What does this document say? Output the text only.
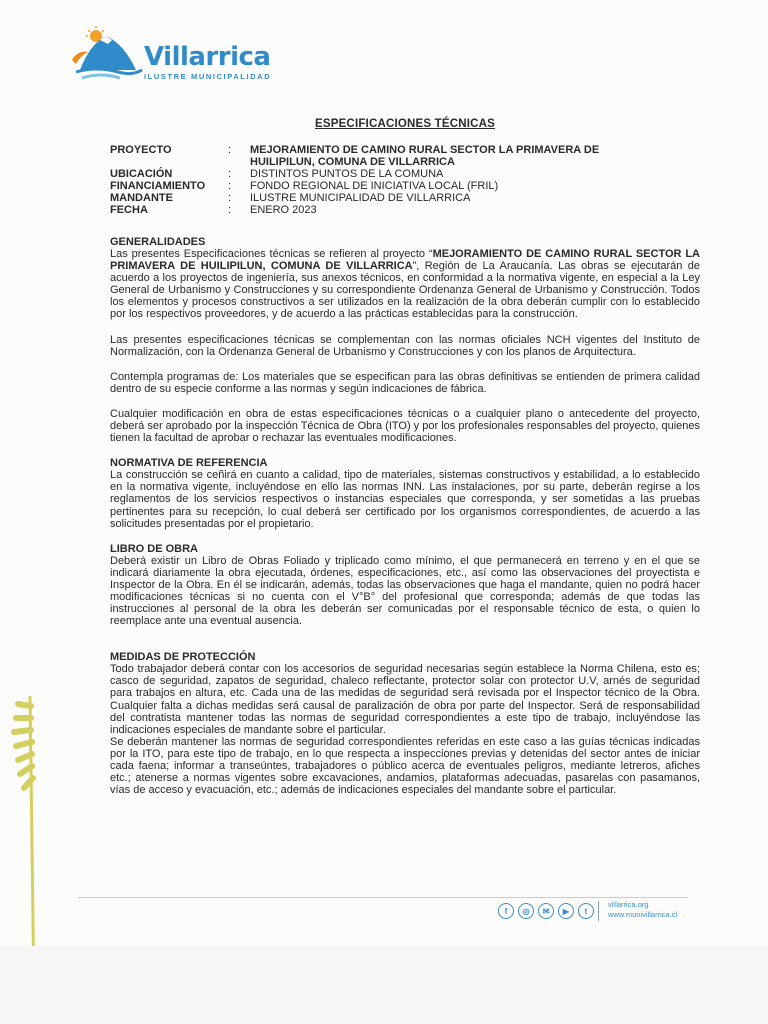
Villarrica
ILUSTRE MUNICIPALIDAD
ESPECIFICACIONES TÉCNICAS
PROYECTO	:	MEJORAMIENTO DE CAMINO RURAL SECTOR LA PRIMAVERA DE
HUILIPILUN, COMUNA DE VILLARRICA
UBICACIÓN	:	DISTINTOS PUNTOS DE LA COMUNA
FINANCIAMIENTO	:	FONDO REGIONAL DE INICIATIVA LOCAL (FRIL)
MANDANTE	:	ILUSTRE MUNICIPALIDAD DE VILLARRICA
FECHA	:	ENERO 2023
GENERALIDADES

Las presentes Especificaciones técnicas se refieren al proyecto “MEJORAMIENTO DE CAMINO RURAL SECTOR LA PRIMAVERA DE HUILIPILUN, COMUNA DE VILLARRICA”, Región de La Araucanía. Las obras se ejecutarán de acuerdo a los proyectos de ingeniería, sus anexos técnicos, en conformidad a la normativa vigente, en especial a la Ley General de Urbanismo y Construcciones y su correspondiente Ordenanza General de Urbanismo y Construcción. Todos los elementos y procesos constructivos a ser utilizados en la realización de la obra deberán cumplir con lo establecido por los respectivos proveedores, y de acuerdo a las prácticas establecidas para la construcción.

Las presentes especificaciones técnicas se complementan con las normas oficiales NCH vigentes del Instituto de Normalización, con la Ordenanza General de Urbanismo y Construcciones y con los planos de Arquitectura.

Contempla programas de: Los materiales que se especifican para las obras definitivas se entienden de primera calidad dentro de su especie conforme a las normas y según indicaciones de fábrica.

Cualquier modificación en obra de estas especificaciones técnicas o a cualquier plano o antecedente del proyecto, deberá ser aprobado por la inspección Técnica de Obra (ITO) y por los profesionales responsables del proyecto, quienes tienen la facultad de aprobar o rechazar las eventuales modificaciones.

NORMATIVA DE REFERENCIA

La construcción se ceñirá en cuanto a calidad, tipo de materiales, sistemas constructivos y estabilidad, a lo establecido en la normativa vigente, incluyéndose en ello las normas INN. Las instalaciones, por su parte, deberán regirse a los reglamentos de los servicios respectivos o instancias especiales que corresponda, y ser sometidas a las pruebas pertinentes para su recepción, lo cual deberá ser certificado por los organismos correspondientes, de acuerdo a las solicitudes presentadas por el propietario.

LIBRO DE OBRA

Deberá existir un Libro de Obras Foliado y triplicado como mínimo, el que permanecerá en terreno y en el que se indicará diariamente la obra ejecutada, órdenes, especificaciones, etc., así como las observaciones del proyectista e Inspector de la Obra. En él se indicarán, además, todas las observaciones que haga el mandante, quien no podrá hacer modificaciones técnicas si no cuenta con el V°B° del profesional que corresponda; además de que todas las instrucciones al personal de la obra les deberán ser comunicadas por el responsable técnico de esta, o quien lo reemplace ante una eventual ausencia.

MEDIDAS DE PROTECCIÓN

Todo trabajador deberá contar con los accesorios de seguridad necesarias según establece la Norma Chilena, esto es; casco de seguridad, zapatos de seguridad, chaleco reflectante, protector solar con protector U.V, arnés de seguridad para trabajos en altura, etc. Cada una de las medidas de seguridad será revisada por el Inspector técnico de la Obra. Cualquier falta a dichas medidas será causal de paralización de obra por parte del Inspector. Será de responsabilidad del contratista mantener todas las normas de seguridad correspondientes a este tipo de trabajo, incluyéndose las indicaciones especiales de mandante sobre el particular.

Se deberán mantener las normas de seguridad correspondientes referidas en este caso a las guías técnicas indicadas por la ITO, para este tipo de trabajo, en lo que respecta a inspecciones previas y detenidas del sector antes de iniciar cada faena; informar a transeúntes, trabajadores o público acerca de eventuales peligros, mediante letreros, afiches etc.; atenerse a normas vigentes sobre excavaciones, andamios, plataformas adecuadas, pasarelas con pasamanos, vías de acceso y evacuación, etc.; además de indicaciones especiales del mandante sobre el particular.

f	◎	✉	▶	t
villarrica.org
www.munivillarrica.cl
